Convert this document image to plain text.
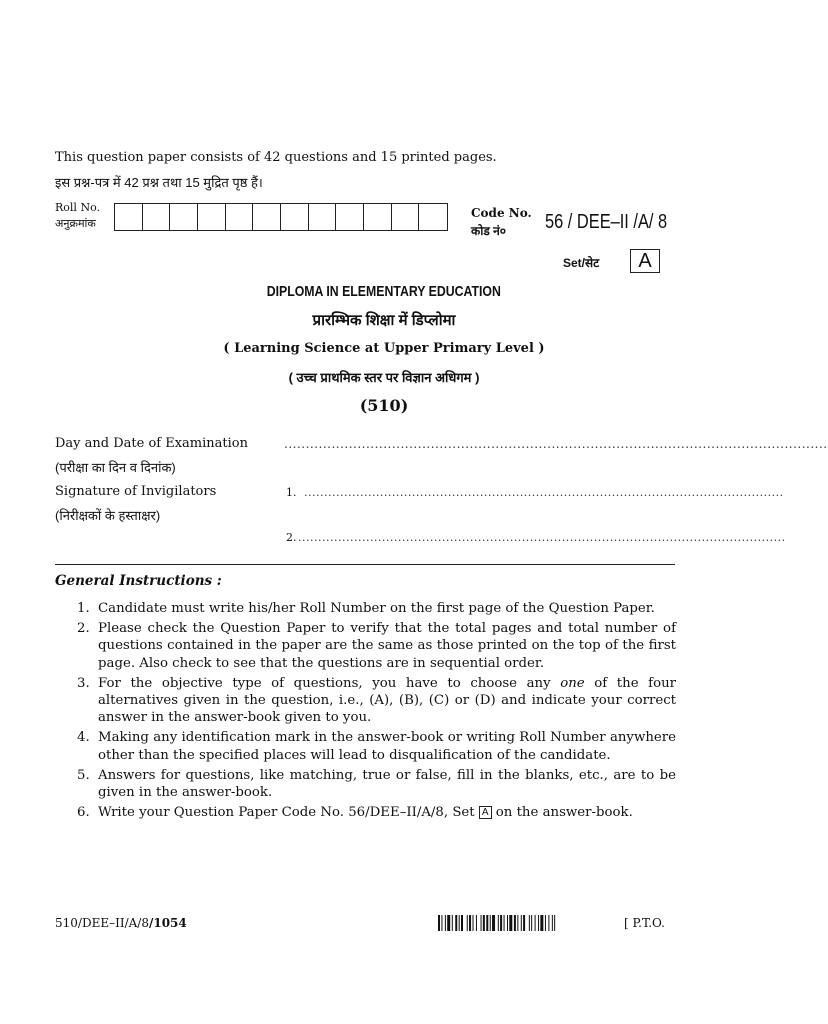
This question paper consists of 42 questions and 15 printed pages.
इस प्रश्न-पत्र में 42 प्रश्न तथा 15 मुद्रित पृष्ठ हैं।
Roll No.
अनुक्रमांक
Code No.
कोड नं० 56 / DEE–II /A/ 8
Set/सेट	A
DIPLOMA IN ELEMENTARY EDUCATION
प्रारम्भिक शिक्षा में डिप्लोमा
( Learning Science at Upper Primary Level )
( उच्च प्राथमिक स्तर पर विज्ञान अधिगम )
(510)
Day and Date of Examination	..............................................................................................................................
(परीक्षा का दिन व दिनांक)
Signature of Invigilators	1. ........................................................................................................................
(निरीक्षकों के हस्ताक्षर)
2. ..........................................................................................................................
General Instructions :
1. Candidate must write his/her Roll Number on the first page of the Question Paper.
2. Please check the Question Paper to verify that the total pages and total number of questions contained in the paper are the same as those printed on the top of the first page. Also check to see that the questions are in sequential order.
3. For the objective type of questions, you have to choose any one of the four alternatives given in the question, i.e., (A), (B), (C) or (D) and indicate your correct answer in the answer-book given to you.
4. Making any identification mark in the answer-book or writing Roll Number anywhere other than the specified places will lead to disqualification of the candidate.
5. Answers for questions, like matching, true or false, fill in the blanks, etc., are to be given in the answer-book.
6. Write your Question Paper Code No. 56/DEE–II/A/8, Set A on the answer-book.
510/DEE–II/A/8/1054	[ P.T.O.
